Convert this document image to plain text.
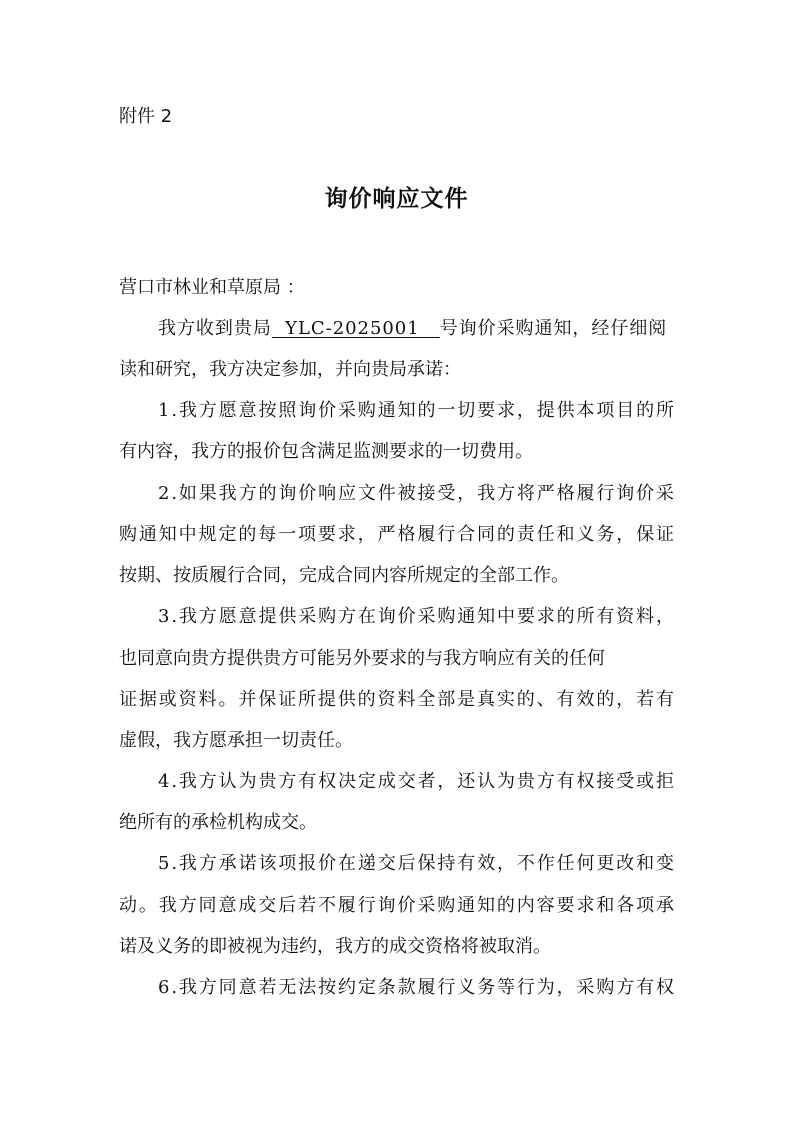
附件 2
询价响应文件
营口市林业和草原局 ：
我方收到贵局  YLC-2025001   号询价采购通知，经仔细阅
读和研究，我方决定参加，并向贵局承诺：
1.我方愿意按照询价采购通知的一切要求，提供本项目的所
有内容，我方的报价包含满足监测要求的一切费用。
2.如果我方的询价响应文件被接受，我方将严格履行询价采
购通知中规定的每一项要求，严格履行合同的责任和义务，保证
按期、按质履行合同，完成合同内容所规定的全部工作。
3.我方愿意提供采购方在询价采购通知中要求的所有资料，
也同意向贵方提供贵方可能另外要求的与我方响应有关的任何
证据或资料。并保证所提供的资料全部是真实的、有效的，若有
虚假，我方愿承担一切责任。
4.我方认为贵方有权决定成交者，还认为贵方有权接受或拒
绝所有的承检机构成交。
5.我方承诺该项报价在递交后保持有效，不作任何更改和变
动。我方同意成交后若不履行询价采购通知的内容要求和各项承
诺及义务的即被视为违约，我方的成交资格将被取消。
6.我方同意若无法按约定条款履行义务等行为，采购方有权
